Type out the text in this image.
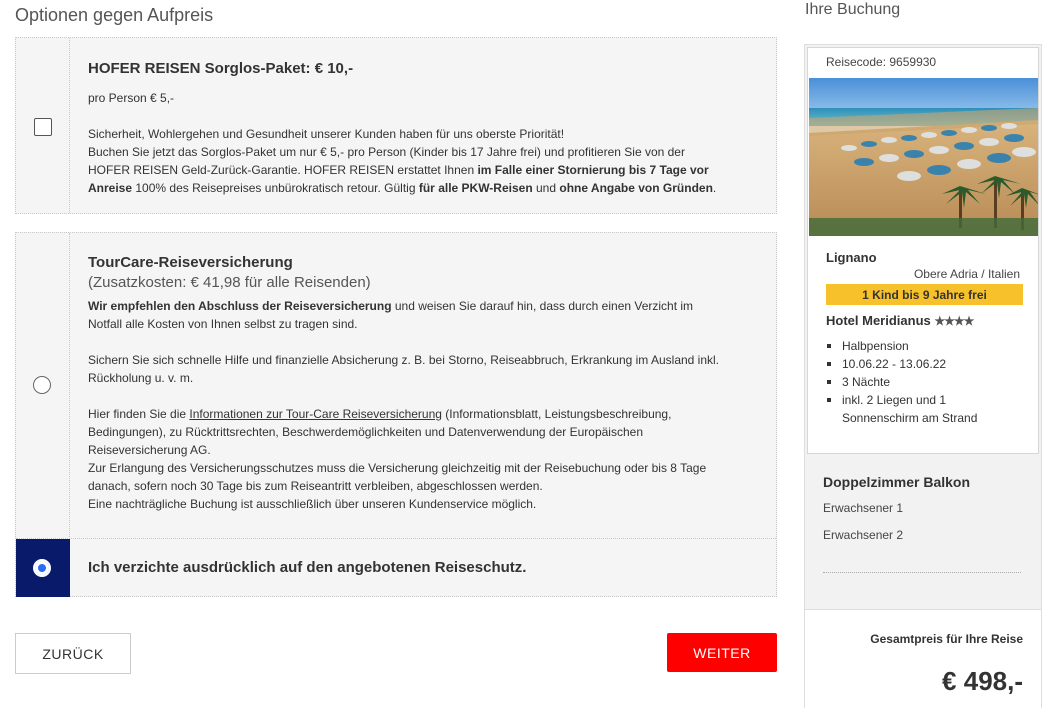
Optionen gegen Aufpreis
HOFER REISEN Sorglos-Paket: € 10,-
pro Person € 5,-
Sicherheit, Wohlergehen und Gesundheit unserer Kunden haben für uns oberste Priorität!
Buchen Sie jetzt das Sorglos-Paket um nur € 5,- pro Person (Kinder bis 17 Jahre frei) und profitieren Sie von der
HOFER REISEN Geld-Zurück-Garantie. HOFER REISEN erstattet Ihnen im Falle einer Stornierung bis 7 Tage vor
Anreise 100% des Reisepreises unbürokratisch retour. Gültig für alle PKW-Reisen und ohne Angabe von Gründen.
TourCare-Reiseversicherung
(Zusatzkosten: € 41,98 für alle Reisenden)
Wir empfehlen den Abschluss der Reiseversicherung und weisen Sie darauf hin, dass durch einen Verzicht im
Notfall alle Kosten von Ihnen selbst zu tragen sind.
Sichern Sie sich schnelle Hilfe und finanzielle Absicherung z. B. bei Storno, Reiseabbruch, Erkrankung im Ausland inkl.
Rückholung u. v. m.
Hier finden Sie die Informationen zur Tour-Care Reiseversicherung (Informationsblatt, Leistungsbeschreibung,
Bedingungen), zu Rücktrittsrechten, Beschwerdemöglichkeiten und Datenverwendung der Europäischen
Reiseversicherung AG.
Zur Erlangung des Versicherungsschutzes muss die Versicherung gleichzeitig mit der Reisebuchung oder bis 8 Tage
danach, sofern noch 30 Tage bis zum Reiseantritt verbleiben, abgeschlossen werden.
Eine nachträgliche Buchung ist ausschließlich über unseren Kundenservice möglich.
Ich verzichte ausdrücklich auf den angebotenen Reiseschutz.
ZURÜCK	WEITER
Ihre Buchung
Reisecode: 9659930
Lignano
Obere Adria / Italien
1 Kind bis 9 Jahre frei
Hotel Meridianus ★★★★
Halbpension
10.06.22 - 13.06.22
3 Nächte
inkl. 2 Liegen und 1 Sonnenschirm am Strand
Doppelzimmer Balkon
Erwachsener 1
Erwachsener 2
Gesamtpreis für Ihre Reise
€ 498,-
